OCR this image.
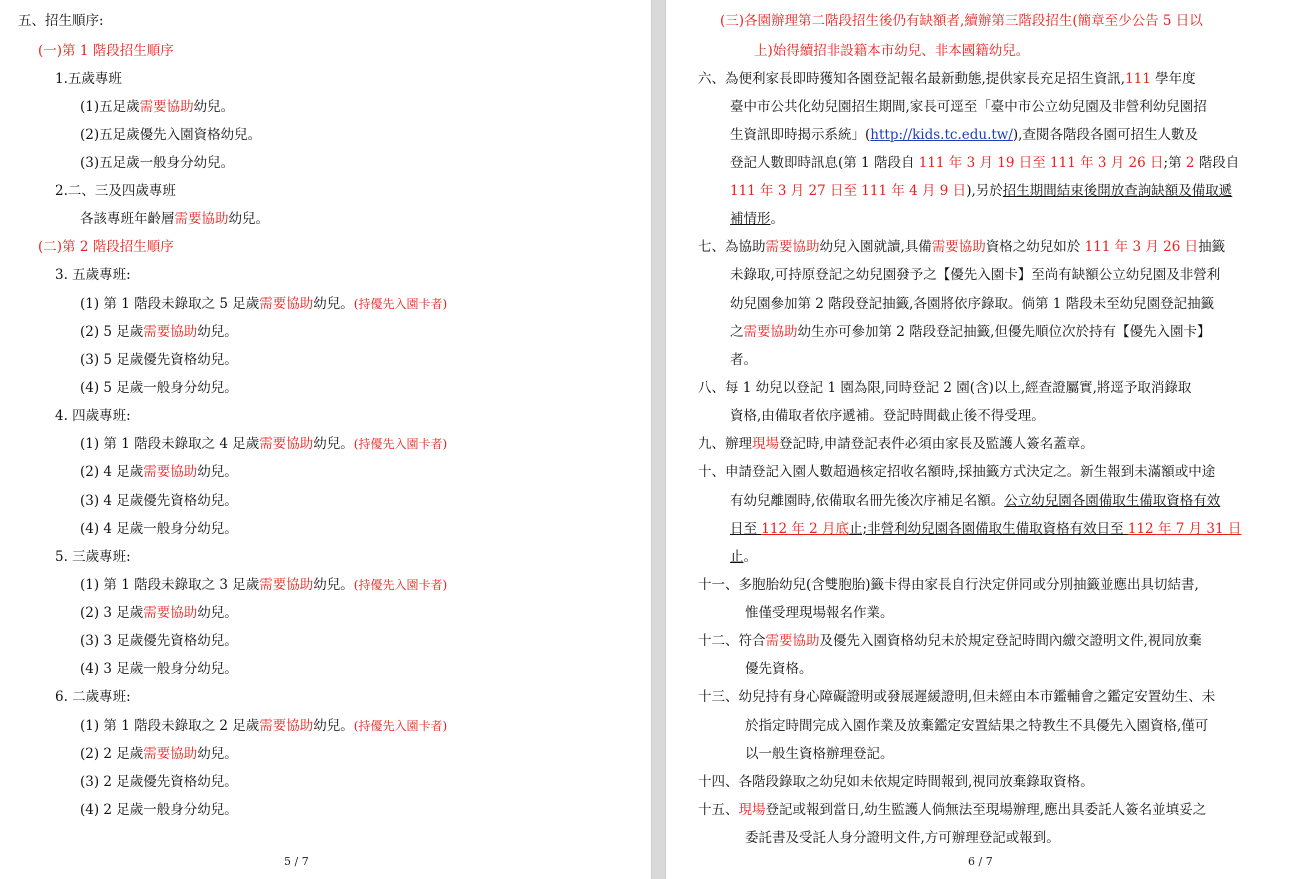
五、招生順序:
(一)第 1 階段招生順序
1.五歲專班
(1)五足歲需要協助幼兒。
(2)五足歲優先入園資格幼兒。
(3)五足歲一般身分幼兒。
2.二、三及四歲專班
各該專班年齡層需要協助幼兒。
(二)第 2 階段招生順序
3. 五歲專班:
(1) 第 1 階段未錄取之 5 足歲需要協助幼兒。(持優先入園卡者)
(2) 5 足歲需要協助幼兒。
(3) 5 足歲優先資格幼兒。
(4) 5 足歲一般身分幼兒。
4. 四歲專班:
(1) 第 1 階段未錄取之 4 足歲需要協助幼兒。(持優先入園卡者)
(2) 4 足歲需要協助幼兒。
(3) 4 足歲優先資格幼兒。
(4) 4 足歲一般身分幼兒。
5. 三歲專班:
(1) 第 1 階段未錄取之 3 足歲需要協助幼兒。(持優先入園卡者)
(2) 3 足歲需要協助幼兒。
(3) 3 足歲優先資格幼兒。
(4) 3 足歲一般身分幼兒。
6. 二歲專班:
(1) 第 1 階段未錄取之 2 足歲需要協助幼兒。(持優先入園卡者)
(2) 2 足歲需要協助幼兒。
(3) 2 足歲優先資格幼兒。
(4) 2 足歲一般身分幼兒。
5 / 7
(三)各園辦理第二階段招生後仍有缺額者,續辦第三階段招生(簡章至少公告 5 日以
上)始得續招非設籍本市幼兒、非本國籍幼兒。
六、為便利家長即時獲知各園登記報名最新動態,提供家長充足招生資訊,111 學年度
臺中市公共化幼兒園招生期間,家長可逕至「臺中市公立幼兒園及非營利幼兒園招
生資訊即時揭示系統」(http://kids.tc.edu.tw/),查閱各階段各園可招生人數及
登記人數即時訊息(第 1 階段自 111 年 3 月 19 日至 111 年 3 月 26 日;第 2 階段自
111 年 3 月 27 日至 111 年 4 月 9 日),另於招生期間結束後開放查詢缺額及備取遞
補情形。
七、為協助需要協助幼兒入園就讀,具備需要協助資格之幼兒如於 111 年 3 月 26 日抽籤
未錄取,可持原登記之幼兒園發予之【優先入園卡】至尚有缺額公立幼兒園及非營利
幼兒園參加第 2 階段登記抽籤,各園將依序錄取。倘第 1 階段未至幼兒園登記抽籤
之需要協助幼生亦可參加第 2 階段登記抽籤,但優先順位次於持有【優先入園卡】
者。
八、每 1 幼兒以登記 1 園為限,同時登記 2 園(含)以上,經查證屬實,將逕予取消錄取
資格,由備取者依序遞補。登記時間截止後不得受理。
九、辦理現場登記時,申請登記表件必須由家長及監護人簽名蓋章。
十、申請登記入園人數超過核定招收名額時,採抽籤方式決定之。新生報到未滿額或中途
有幼兒離園時,依備取名冊先後次序補足名額。公立幼兒園各園備取生備取資格有效
日至 112 年 2 月底止;非營利幼兒園各園備取生備取資格有效日至 112 年 7 月 31 日
止。
十一、多胞胎幼兒(含雙胞胎)籤卡得由家長自行決定併同或分別抽籤並應出具切結書,
惟僅受理現場報名作業。
十二、符合需要協助及優先入園資格幼兒未於規定登記時間內繳交證明文件,視同放棄
優先資格。
十三、幼兒持有身心障礙證明或發展遲緩證明,但未經由本市鑑輔會之鑑定安置幼生、未
於指定時間完成入園作業及放棄鑑定安置結果之特教生不具優先入園資格,僅可
以一般生資格辦理登記。
十四、各階段錄取之幼兒如未依規定時間報到,視同放棄錄取資格。
十五、現場登記或報到當日,幼生監護人倘無法至現場辦理,應出具委託人簽名並填妥之
委託書及受託人身分證明文件,方可辦理登記或報到。
6 / 7
